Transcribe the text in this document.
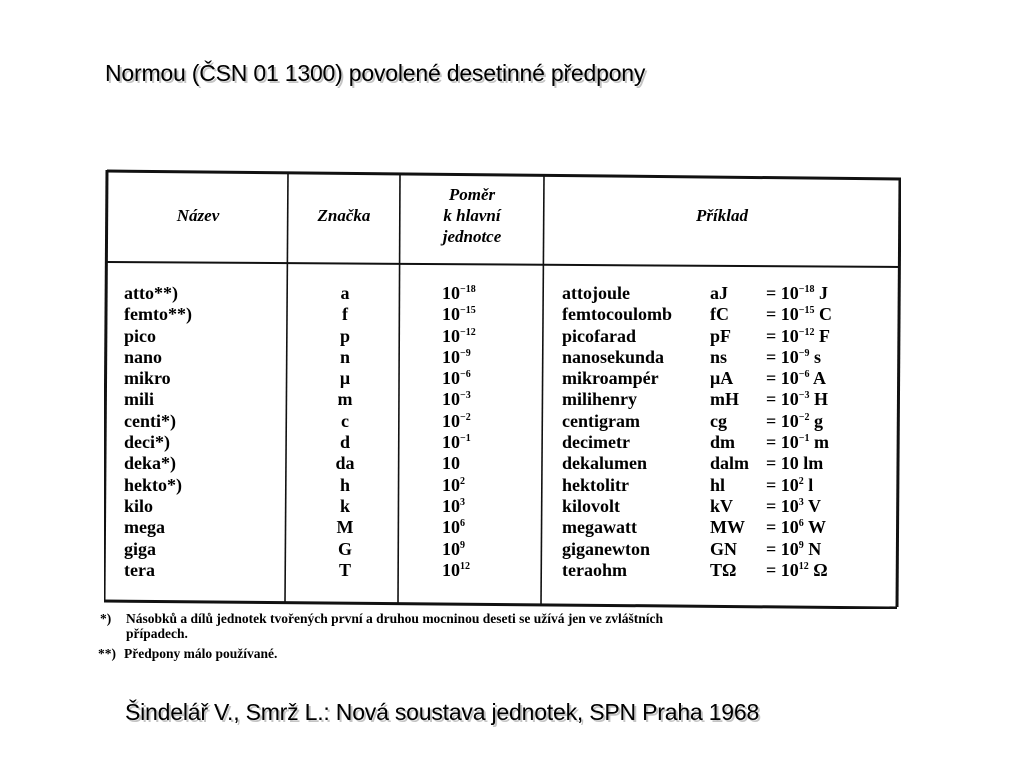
Normou (ČSN 01 1300) povolené desetinné předpony
Název	Značka
Poměr
k hlavní
jednotce
Příklad
atto**)
femto**)
pico
nano
mikro
mili
centi*)
deci*)
deka*)
hekto*)
kilo
mega
giga
tera
a
f
p
n
μ
m
c
d
da
h
k
M
G
T
$10^{-18}$
$10^{-15}$
$10^{-12}$
$10^{-9}$
$10^{-6}$
$10^{-3}$
$10^{-2}$
$10^{-1}$
10
$10^2$
$10^3$
$10^6$
$10^9$
$10^{12}$
attojoule
femtocoulomb
picofarad
nanosekunda
mikroampér
milihenry
centigram
decimetr
dekalumen
hektolitr
kilovolt
megawatt
giganewton
teraohm
aJ
fC
pF
ns
μA
mH
cg
dm
dalm
hl
kV
MW
GN
TΩ
= $10^{-18}$ J
= $10^{-15}$ C
= $10^{-12}$ F
= $10^{-9}$ s
= $10^{-6}$ A
= $10^{-3}$ H
= $10^{-2}$ g
= $10^{-1}$ m
= 10 lm
= $10^2$ l
= $10^3$ V
= $10^6$ W
= $10^9$ N
= $10^{12}$ Ω
*) Násobků a dílů jednotek tvořených první a druhou mocninou deseti se užívá jen ve zvláštních
případech.
**) Předpony málo používané.
Šindelář V., Smrž L.: Nová soustava jednotek, SPN Praha 1968
